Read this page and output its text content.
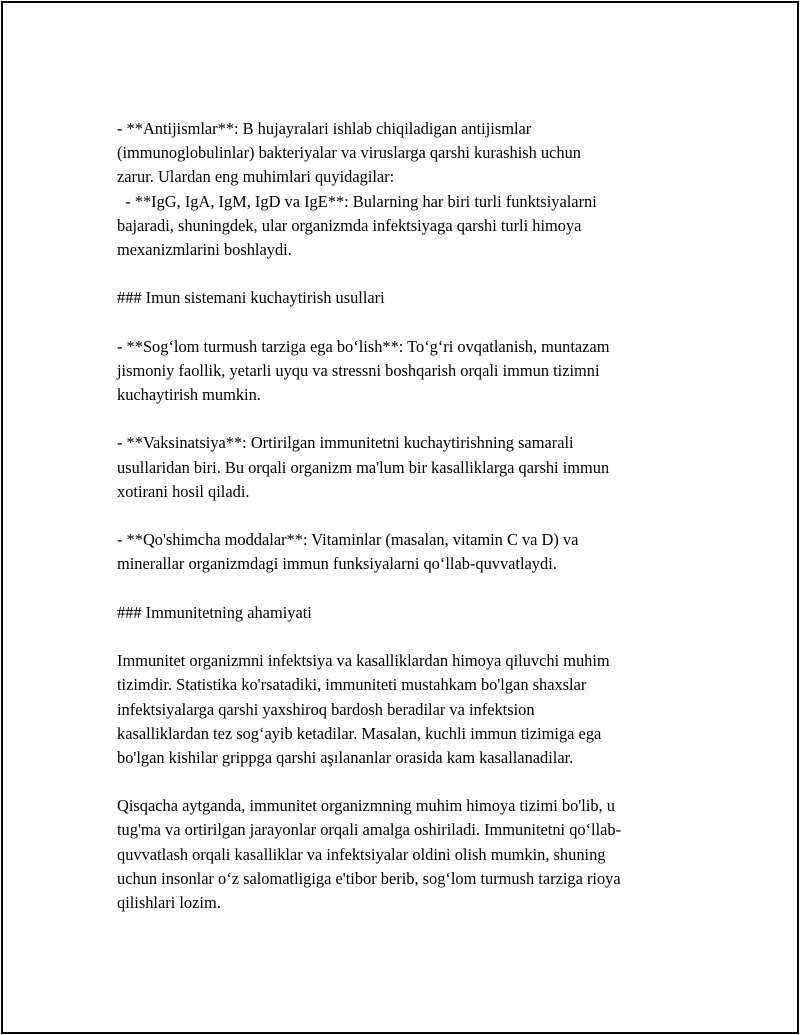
- **Antijismlar**: B hujayralari ishlab chiqiladigan antijismlar
(immunoglobulinlar) bakteriyalar va viruslarga qarshi kurashish uchun
zarur. Ulardan eng muhimlari quyidagilar:
- **IgG, IgA, IgM, IgD va IgE**: Bularning har biri turli funktsiyalarni
bajaradi, shuningdek, ular organizmda infektsiyaga qarshi turli himoya
mexanizmlarini boshlaydi.
### Imun sistemani kuchaytirish usullari
- **Sog‘lom turmush tarziga ega bo‘lish**: To‘g‘ri ovqatlanish, muntazam
jismoniy faollik, yetarli uyqu va stressni boshqarish orqali immun tizimni
kuchaytirish mumkin.
- **Vaksinatsiya**: Ortirilgan immunitetni kuchaytirishning samarali
usullaridan biri. Bu orqali organizm ma'lum bir kasalliklarga qarshi immun
xotirani hosil qiladi.
- **Qo'shimcha moddalar**: Vitaminlar (masalan, vitamin C va D) va
minerallar organizmdagi immun funksiyalarni qo‘llab-quvvatlaydi.
### Immunitetning ahamiyati
Immunitet organizmni infektsiya va kasalliklardan himoya qiluvchi muhim
tizimdir. Statistika ko'rsatadiki, immuniteti mustahkam bo'lgan shaxslar
infektsiyalarga qarshi yaxshiroq bardosh beradilar va infektsion
kasalliklardan tez sog‘ayib ketadilar. Masalan, kuchli immun tizimiga ega
bo'lgan kishilar grippga qarshi aşılananlar orasida kam kasallanadilar.
Qisqacha aytganda, immunitet organizmning muhim himoya tizimi bo'lib, u
tug'ma va ortirilgan jarayonlar orqali amalga oshiriladi. Immunitetni qo‘llab-
quvvatlash orqali kasalliklar va infektsiyalar oldini olish mumkin, shuning
uchun insonlar o‘z salomatligiga e'tibor berib, sog‘lom turmush tarziga rioya
qilishlari lozim.
